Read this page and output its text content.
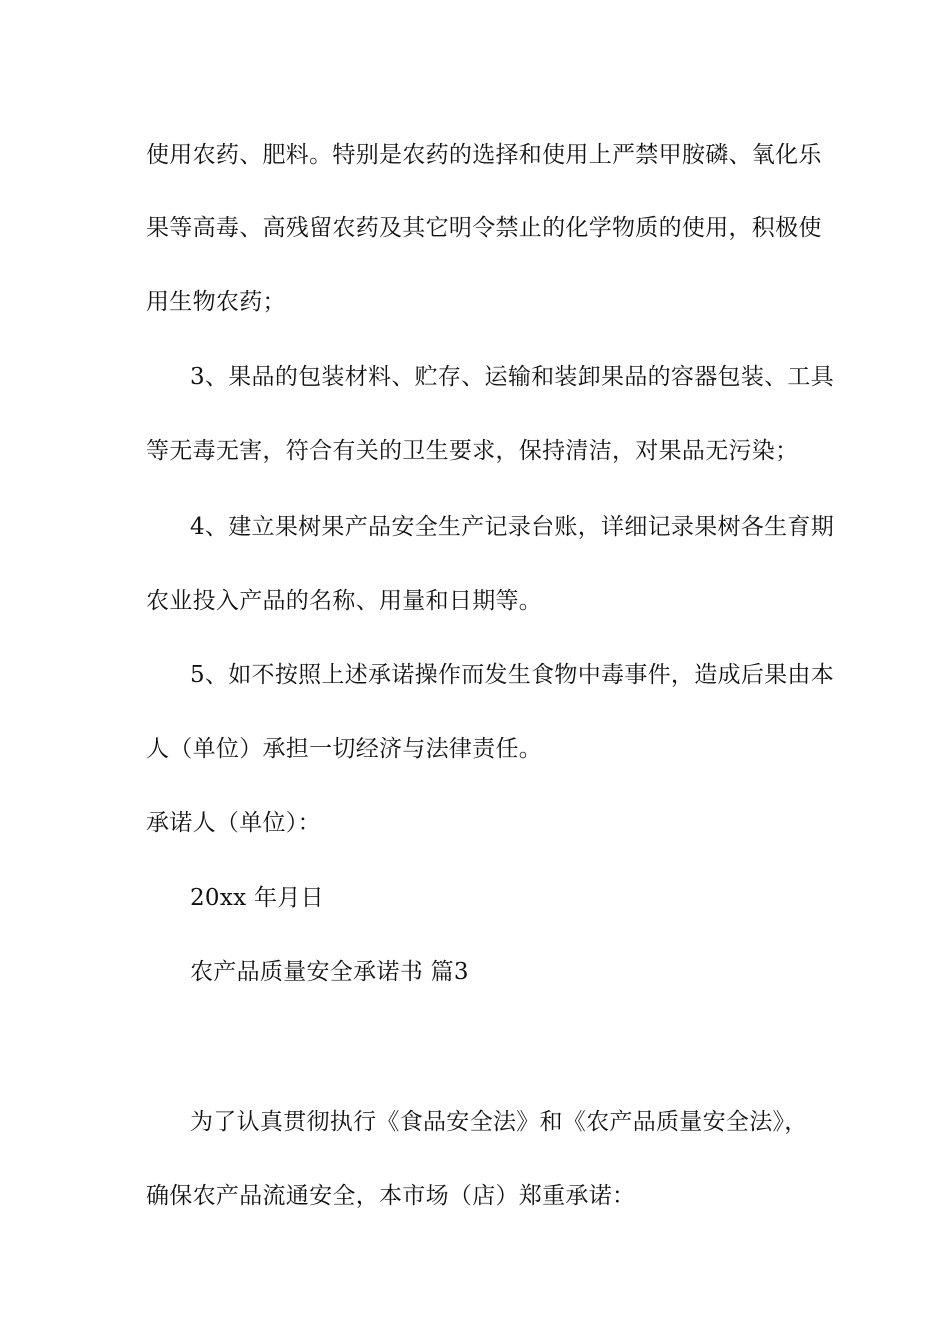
使用农药、肥料。特别是农药的选择和使用上严禁甲胺磷、氧化乐
果等高毒、高残留农药及其它明令禁止的化学物质的使用，积极使
用生物农药；
3、果品的包装材料、贮存、运输和装卸果品的容器包装、工具
等无毒无害，符合有关的卫生要求，保持清洁，对果品无污染；
4、建立果树果产品安全生产记录台账，详细记录果树各生育期
农业投入产品的名称、用量和日期等。
5、如不按照上述承诺操作而发生食物中毒事件，造成后果由本
人（单位）承担一切经济与法律责任。
承诺人（单位）：
20xx 年月日
农产品质量安全承诺书 篇3
为了认真贯彻执行《食品安全法》和《农产品质量安全法》，
确保农产品流通安全，本市场（店）郑重承诺：
